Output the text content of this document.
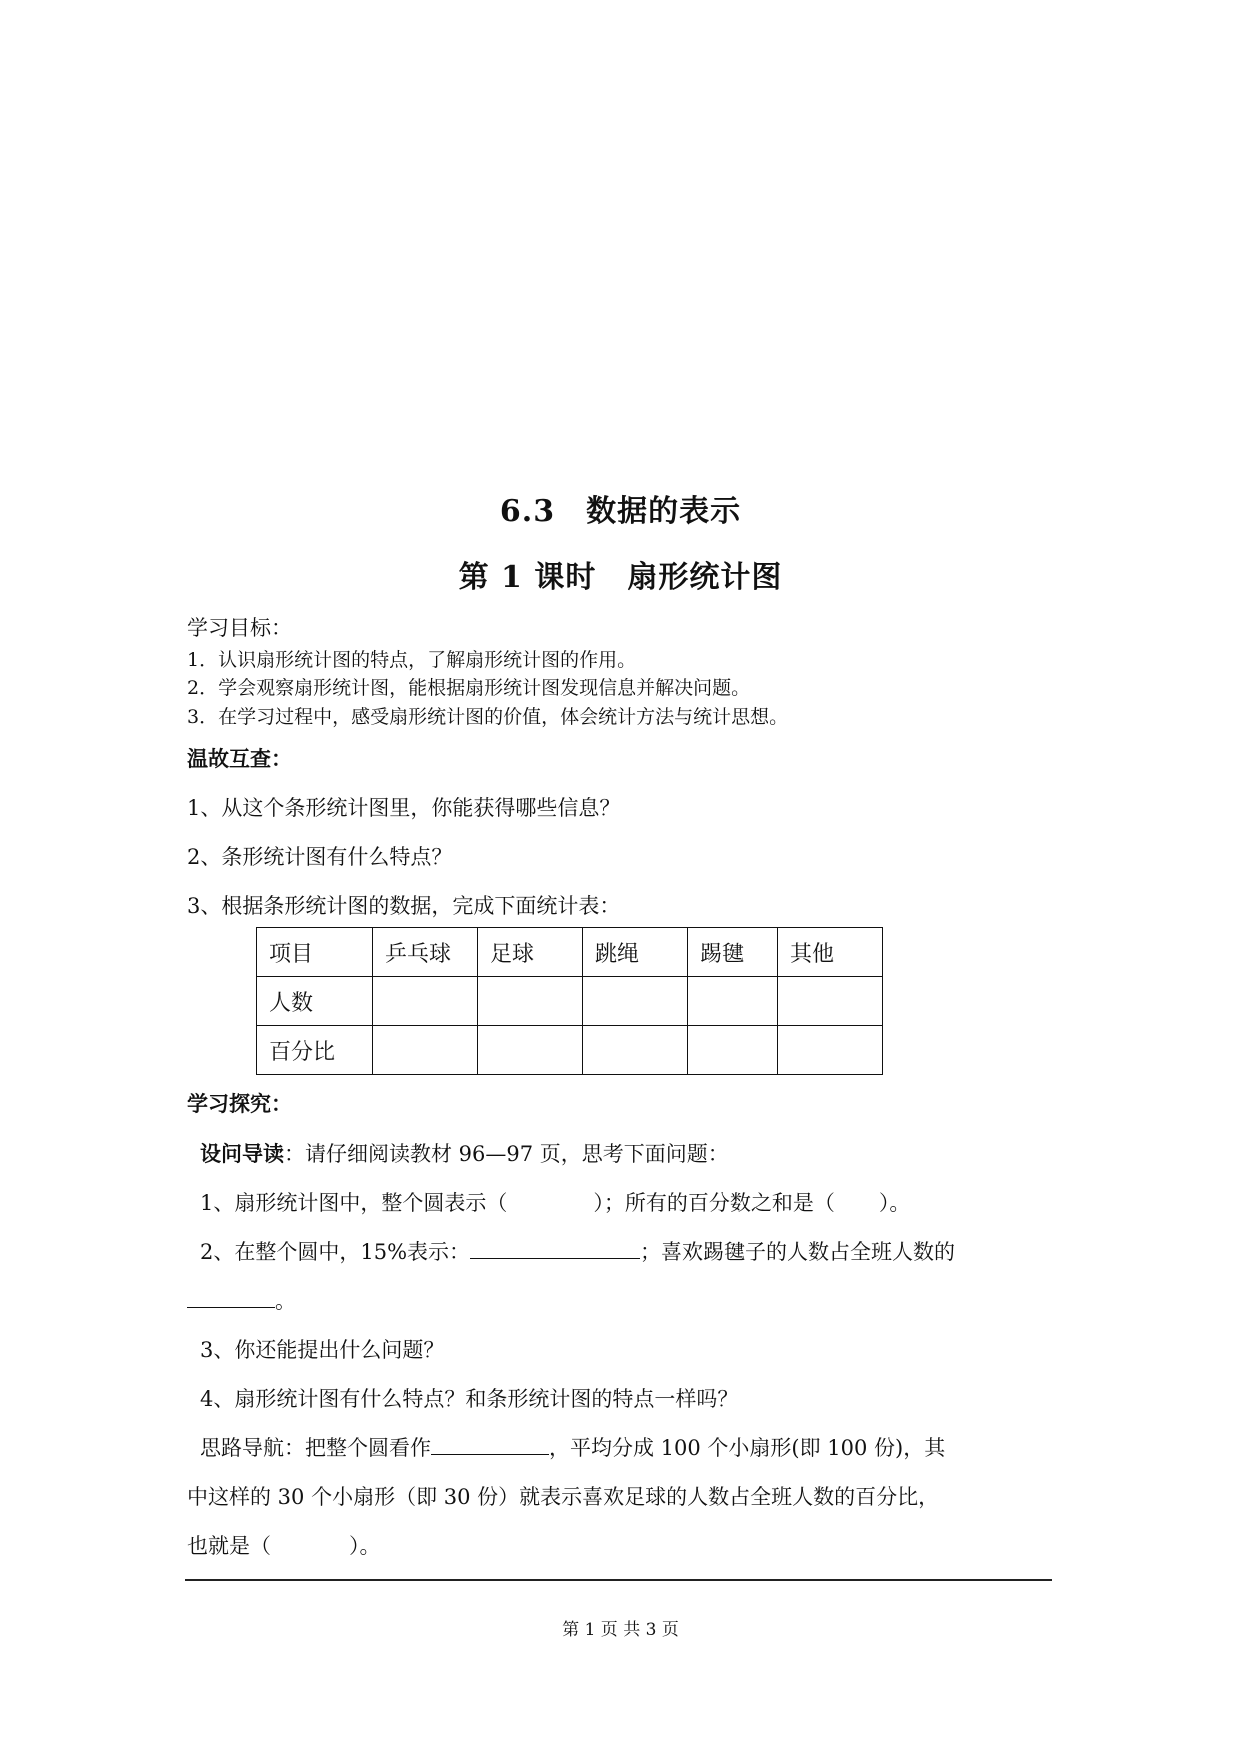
6.3　数据的表示
第 1 课时　扇形统计图
学习目标：
1．认识扇形统计图的特点，了解扇形统计图的作用。
2．学会观察扇形统计图，能根据扇形统计图发现信息并解决问题。
3．在学习过程中，感受扇形统计图的价值，体会统计方法与统计思想。
温故互查：
1、从这个条形统计图里，你能获得哪些信息？
2、条形统计图有什么特点？
3、根据条形统计图的数据，完成下面统计表：
项目	乒乓球	足球	跳绳	踢毽	其他
人数					
百分比					
学习探究：
设问导读：请仔细阅读教材 96—97 页，思考下面问题：
1、扇形统计图中，整个圆表示（	）；所有的百分数之和是（ ）。
2、在整个圆中，15%表示：	；喜欢踢毽子的人数占全班人数的
。
3、你还能提出什么问题？
4、扇形统计图有什么特点？和条形统计图的特点一样吗？
思路导航：把整个圆看作	，平均分成 100 个小扇形(即 100 份)，其
中这样的 30 个小扇形（即 30 份）就表示喜欢足球的人数占全班人数的百分比，
也就是（	）。
第 1 页 共 3 页
